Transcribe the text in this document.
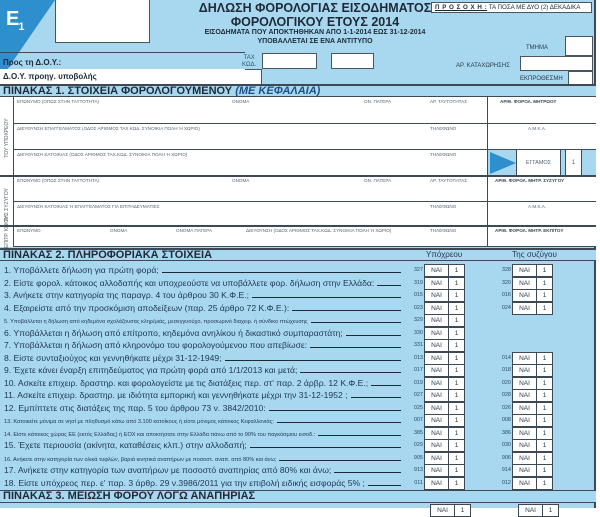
$E_1$
ΔΗΛΩΣΗ ΦΟΡΟΛΟΓΙΑΣ ΕΙΣΟΔΗΜΑΤΟΣ
ΦΟΡΟΛΟΓΙΚΟΥ ΕΤΟΥΣ 2014
ΕΙΣΟΔΗΜΑΤΑ ΠΟΥ ΑΠΟΚΤΗΘΗΚΑΝ ΑΠΟ 1-1-2014 ΕΩΣ 31-12-2014
ΥΠΟΒΑΛΛΕΤΑΙ ΣΕ ΕΝΑ ΑΝΤΙΤΥΠΟ
Π Ρ Ο Σ Ο Χ Η : ΤΑ ΠΟΣΑ ΜΕ ΔΥΟ (2) ΔΕΚΑΔΙΚΑ
ΤΜΗΜΑ
ΑΡ. ΚΑΤΑΧΩΡΗΣΗΣ
ΕΚΠΡΟΘΕΣΜΗ
Προς τη Δ.Ο.Υ.:	ΤΑΧ
ΚΩΔ.
Δ.Ο.Υ. προηγ. υποβολής
ΠΙΝΑΚΑΣ 1. ΣΤΟΙΧΕΙΑ ΦΟΡΟΛΟΓΟΥΜΕΝΟΥ (ΜΕ ΚΕΦΑΛΑΙΑ)
ΤΟΥ ΥΠΟΧΡΕΟΥ
ΤΗΣ ΣΥΖΥΓΟΥ
ΕΠΙΤΡ. ΚΠ/ΟΥ
ΕΠΩΝΥΜΟ (ΟΠΩΣ ΣΤΗΝ ΤΑΥΤΟΤΗΤΑ)	ΟΝΟΜΑ	ΟΝ. ΠΑΤΕΡΑ	ΑΡ. ΤΑΥΤΟΤΗΤΑΣ	ΑΡΙΘ. ΦΟΡΟΛ. ΜΗΤΡΩΟΥ
ΔΙΕΥΘΥΝΣΗ ΕΠΑΓΓΕΛΜΑΤΟΣ (ΟΔΟΣ ΑΡΙΘΜΟΣ ΤΑΧ.ΚΩΔ. ΣΥΝΟΙΚΙΑ ΠΟΛΗ Ή ΧΩΡΙΟ)	ΤΗΛΕΦΩΝΟ	Α.Μ.Κ.Α.
ΔΙΕΥΘΥΝΣΗ ΚΑΤΟΙΚΙΑΣ (ΟΔΟΣ ΑΡΙΘΜΟΣ ΤΑΧ.ΚΩΔ. ΣΥΝΟΙΚΙΑ ΠΟΛΗ Ή ΧΩΡΙΟ)	ΤΗΛΕΦΩΝΟ
ΕΓΓΑΜΟΣ	1
ΕΠΩΝΥΜΟ (ΟΠΩΣ ΣΤΗΝ ΤΑΥΤΟΤΗΤΑ)	ΟΝΟΜΑ	ΟΝ. ΠΑΤΕΡΑ	ΑΡ. ΤΑΥΤΟΤΗΤΑΣ	ΑΡΙΘ. ΦΟΡΟΛ. ΜΗΤΡ. ΣΥΖΥΓΟΥ
ΔΙΕΥΘΥΝΣΗ ΚΑΤΟΙΚΙΑΣ Ή ΕΠΑΓΓΕΛΜΑΤΟΣ ΓΙΑ ΕΠΙΤΗΔΕΥΜΑΤΙΕΣ	ΤΗΛΕΦΩΝΟ	Α.Μ.Κ.Α.
ΕΠΩΝΥΜΟ	ΟΝΟΜΑ	ΟΝΟΜΑ ΠΑΤΕΡΑ	ΔΙΕΥΘΥΝΣΗ (ΟΔΟΣ ΑΡΙΘΜΟΣ ΤΑΧ.ΚΩΔ. ΣΥΝΟΙΚΙΑ ΠΟΛΗ Ή ΧΩΡΙΟ)	ΤΗΛΕΦΩΝΟ	ΑΡΙΘ. ΦΟΡΟΛ. ΜΗΤΡ. ΕΚΠ/ΤΟΥ
ΠΙΝΑΚΑΣ 2. ΠΛΗΡΟΦΟΡΙΑΚΑ ΣΤΟΙΧΕΙΑ	Υπόχρεου	Της συζύγου
1. Υποβάλλετε δήλωση για πρώτη φορά;	327	ΝΑΙ	1	328	ΝΑΙ	1
2. Είστε φορολ. κάτοικος αλλοδαπής και υποχρεούστε να υποβάλλετε φορ. δήλωση στην Ελλάδα:	319	ΝΑΙ	1	320	ΝΑΙ	1
3. Ανήκετε στην κατηγορία της παραγρ. 4 του άρθρου 30 Κ.Φ.Ε.;	015	ΝΑΙ	1	016	ΝΑΙ	1
4. Εξαιρείστε από την προσκόμιση αποδείξεων (παρ. 25 άρθρο 72 Κ.Φ.Ε.):	023	ΝΑΙ	1	024	ΝΑΙ	1
5. Υποβάλλεται η δήλωση από κηδεμόνα σχολάζουσας κληρ/μιάς, μεσεγγυούχο, προσωρινό διαχειρ. ή σύνδικο πτώχευσης	329	ΝΑΙ	1
6. Υποβάλλεται η δήλωση από επίτροπο, κηδεμόνα ανηλίκου ή δικαστικό συμπαραστάτη;	330	ΝΑΙ	1
7. Υποβάλλεται η δήλωση από κληρονόμο του φορολογούμενου που απεβίωσε:	331	ΝΑΙ	1
8. Είστε συνταξιούχος και γεννηθήκατε μέχρι 31-12-1949;	013	ΝΑΙ	1	014	ΝΑΙ	1
9. Έχετε κάνει έναρξη επιτηδεύματος για πρώτη φορά από 1/1/2013 και μετά;	017	ΝΑΙ	1	018	ΝΑΙ	1
10. Ασκείτε επιχειρ. δραστηρ. και φορολογείστε με τις διατάξεις περ. στ' παρ. 2 άρβρ. 12 Κ.Φ.Ε.;	019	ΝΑΙ	1	020	ΝΑΙ	1
11. Ασκείτε επιχειρ. δραστηρ. με ιδιότητα εμπορική και γεννηθήκατε μέχρι την 31-12-1952 ;	027	ΝΑΙ	1	028	ΝΑΙ	1
12. Εμπίπτετε στις διατάξεις της παρ. 5 του άρθρου 73 ν. 3842/2010:	025	ΝΑΙ	1	026	ΝΑΙ	1
13. Κατοικείτε μόνιμα σε νησί με πληθυσμό κάτω από 3.100 κατοίκους ή είστε μόνιμος κάτοικος Κεφαλλονιάς:	007	ΝΑΙ	1	008	ΝΑΙ	1
14. Είστε κάτοικος χώρας ΕΕ (εκτός Ελλάδας) ή ΕΟΧ και αποκτήσατε στην Ελλάδα πάνω από το 90% του παγκόσμιου εισοδ.:	385	ΝΑΙ	1	386	ΝΑΙ	1
15. Έχετε περιουσία (ακίνητα, καταθέσεις κλπ.) στην αλλοδαπή;	029	ΝΑΙ	1	030	ΝΑΙ	1
16. Ανήκετε στην κατηγορία των ολικά τυφλών, βαριά κινητικά αναπήρων με ποσοστ. αναπ. από 80% και άνω;	905	ΝΑΙ	1	906	ΝΑΙ	1
17. Ανήκετε στην κατηγορία των αναπήρων με ποσοστό αναπηρίας από 80% και άνω;	913	ΝΑΙ	1	914	ΝΑΙ	1
18. Είστε υπόχρεος περ. ε' παρ. 3 άρθρ. 29 ν.3986/2011 για την επιβολή ειδικής εισφοράς 5% ;	011	ΝΑΙ	1	012	ΝΑΙ	1
ΠΙΝΑΚΑΣ 3. ΜΕΙΩΣΗ ΦΟΡΟΥ ΛΟΓΩ ΑΝΑΠΗΡΙΑΣ
ΝΑΙ	1	ΝΑΙ	1
